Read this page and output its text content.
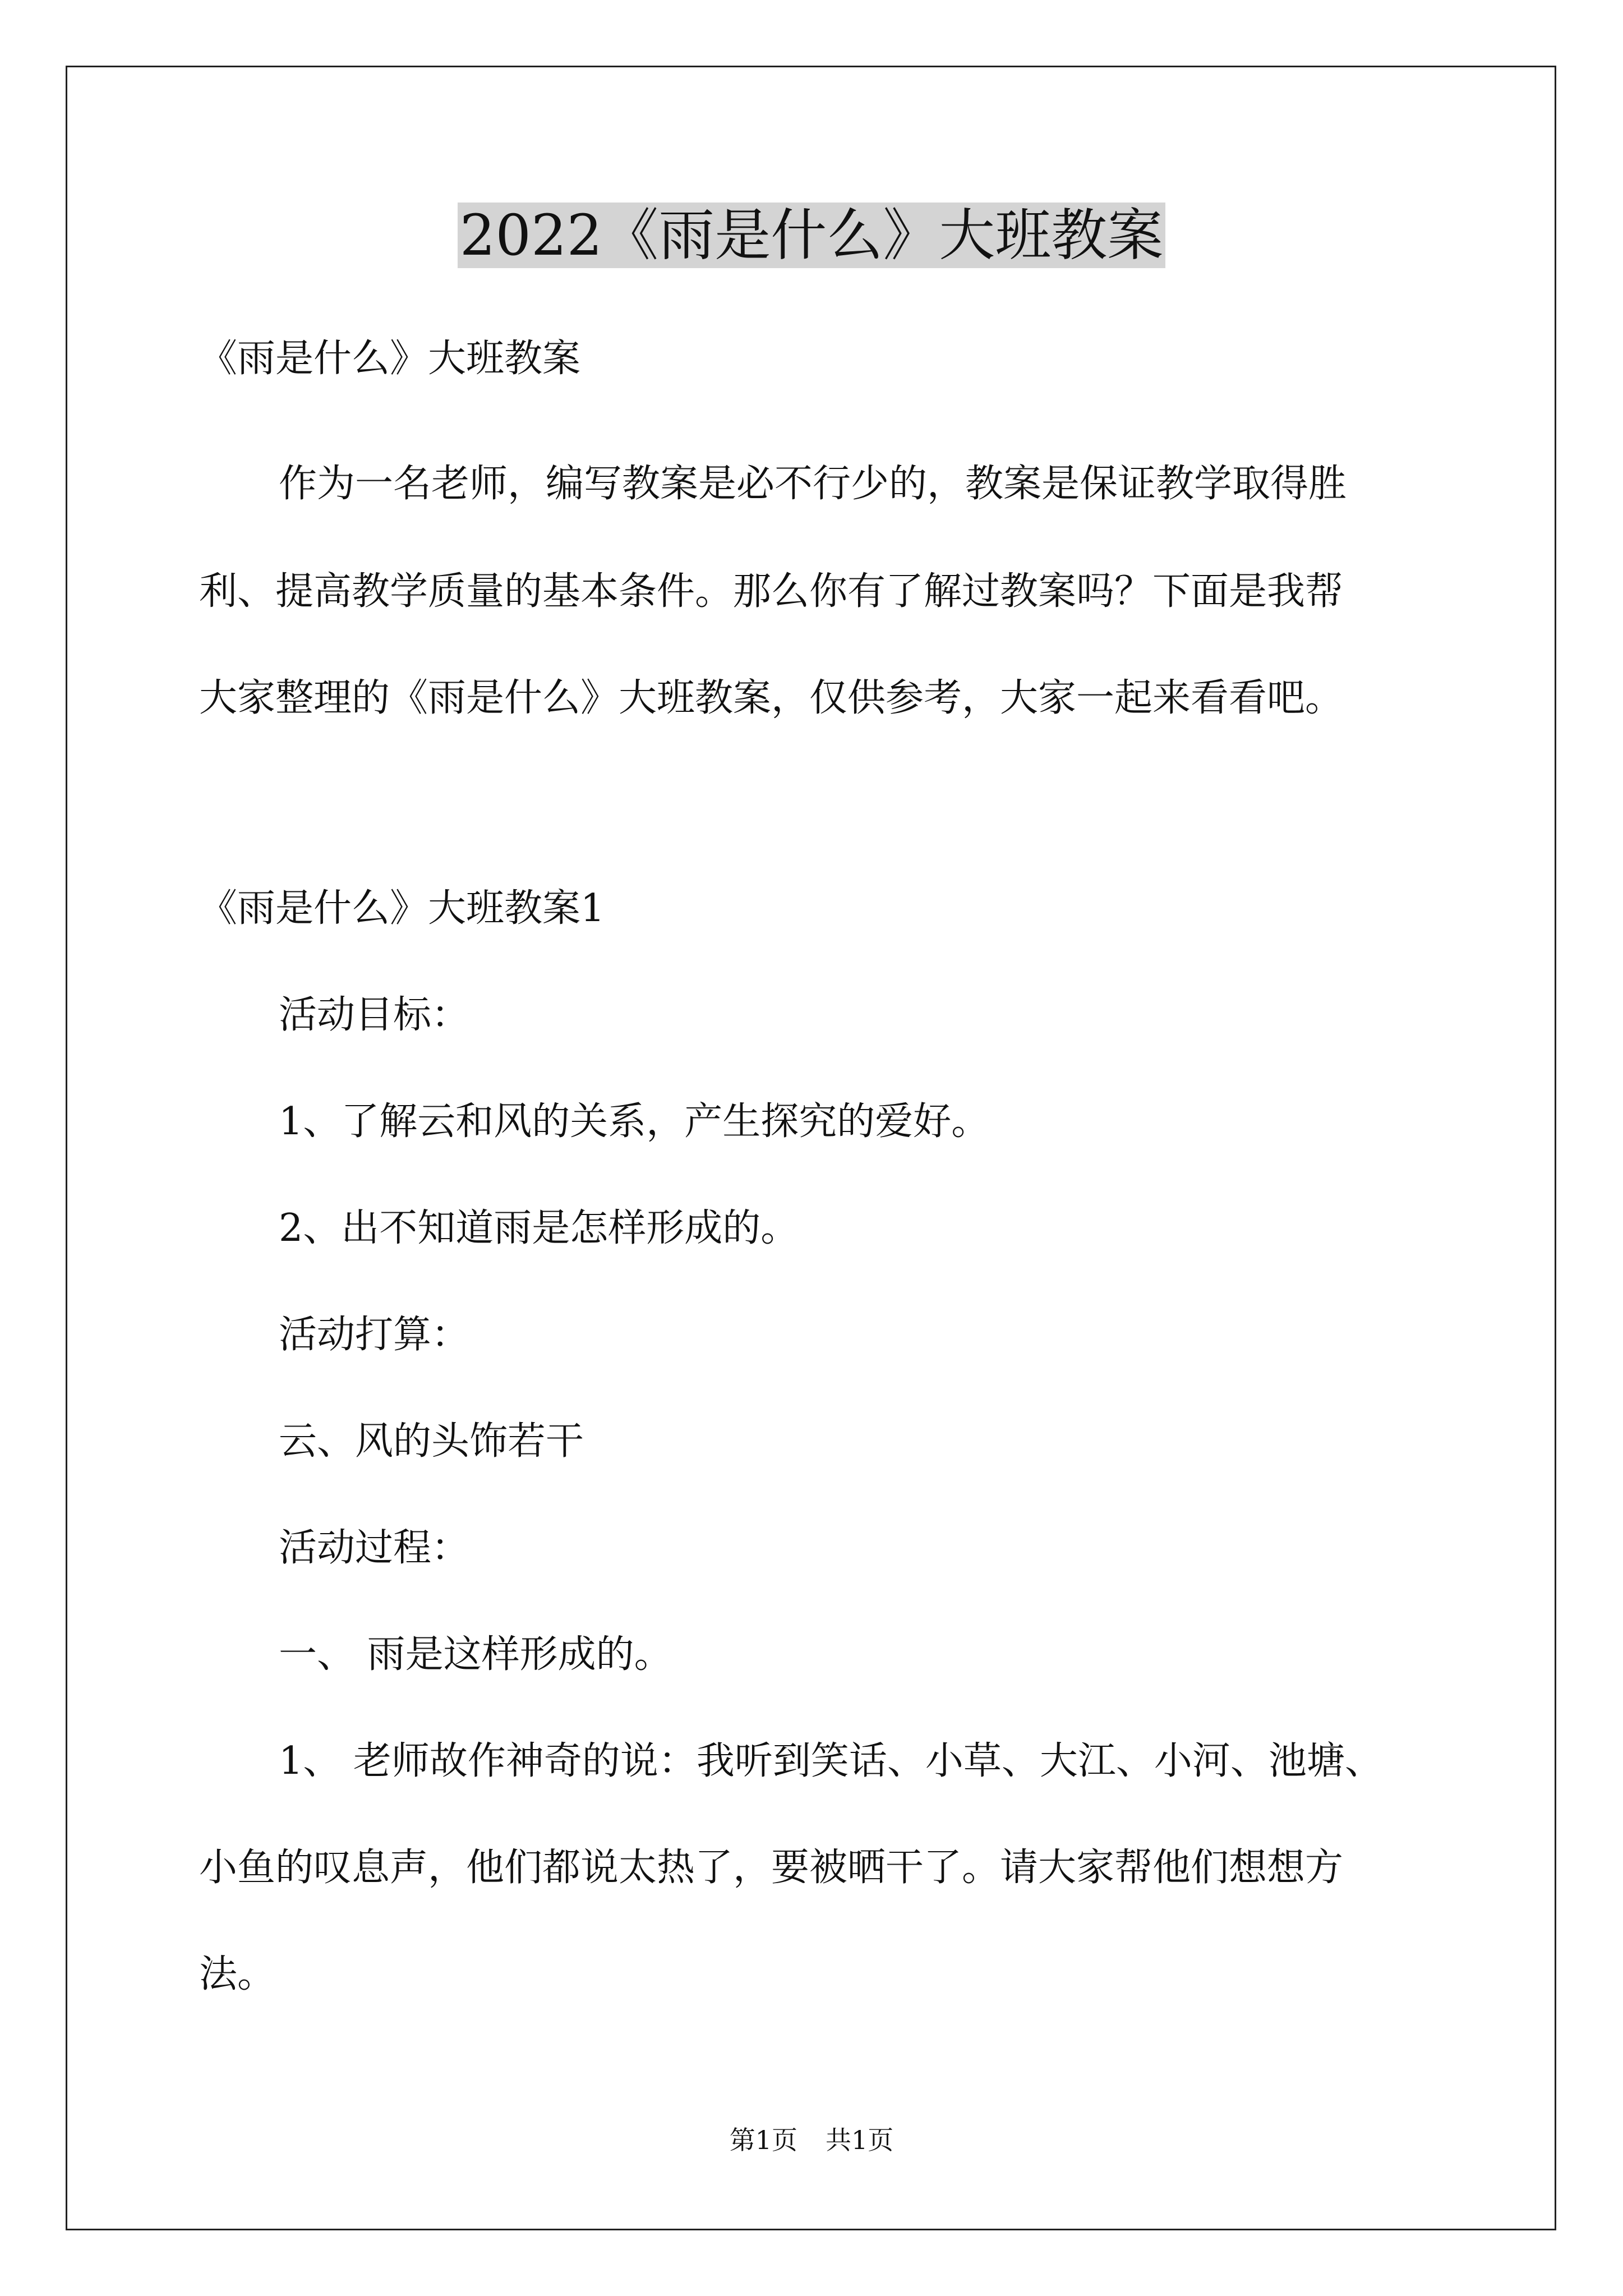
2022《雨是什么》大班教案
《雨是什么》大班教案
作为一名老师，编写教案是必不行少的，教案是保证教学取得胜
利、提高教学质量的基本条件。那么你有了解过教案吗？下面是我帮
大家整理的《雨是什么》大班教案，仅供参考，大家一起来看看吧。
《雨是什么》大班教案1
活动目标：
1、了解云和风的关系，产生探究的爱好。
2、出不知道雨是怎样形成的。
活动打算：
云、风的头饰若干
活动过程：
一、 雨是这样形成的。
1、 老师故作神奇的说：我听到笑话、小草、大江、小河、池塘、
小鱼的叹息声，他们都说太热了，要被晒干了。请大家帮他们想想方
法。
第1页 共1页
